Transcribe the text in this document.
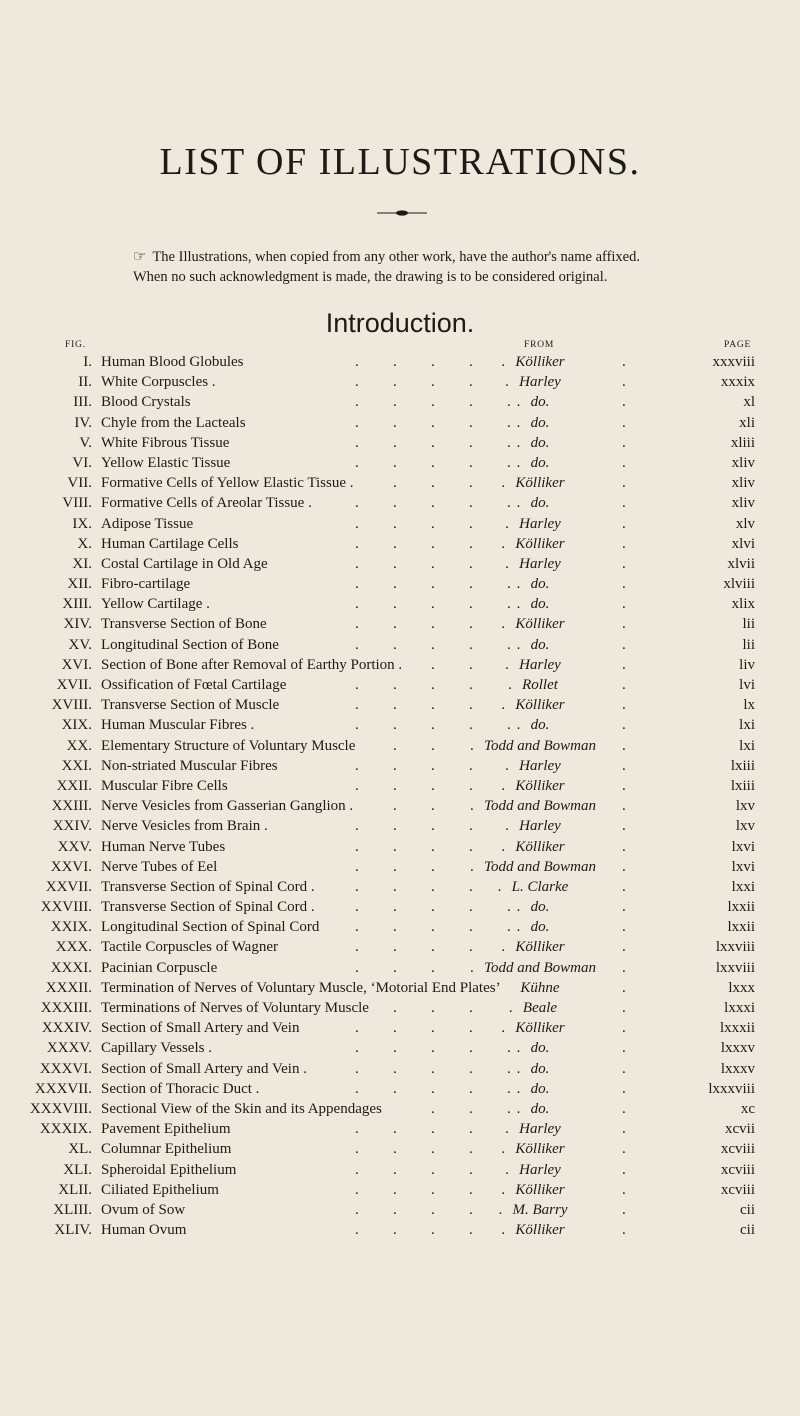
LIST OF ILLUSTRATIONS.
☞ The Illustrations, when copied from any other work, have the author's name affixed. When no such acknowledgment is made, the drawing is to be considered original.
Introduction.
FIG.	FROM	PAGE
I. Human Blood Globules	Kölliker	xxxviii
. . . . .	.
II. White Corpuscles .	Harley	xxxix
. . . . .	.
III. Blood Crystals	do.	xl
. . . . . .	.
IV. Chyle from the Lacteals	do.	xli
. . . . . .	.
V. White Fibrous Tissue	do.	xliii
. . . . . .	.
VI. Yellow Elastic Tissue	do.	xliv
. . . . . .	.
VII. Formative Cells of Yellow Elastic Tissue .	Kölliker	xliv
. . . .	.
VIII. Formative Cells of Areolar Tissue .	do.	xliv
. . . . . .	.
IX. Adipose Tissue	Harley	xlv
. . . . .	.
X. Human Cartilage Cells	Kölliker	xlvi
. . . . .	.
XI. Costal Cartilage in Old Age	Harley	xlvii
. . . . .	.
XII. Fibro-cartilage	do.	xlviii
. . . . . .	.
XIII. Yellow Cartilage .	do.	xlix
. . . . . .	.
XIV. Transverse Section of Bone	Kölliker	lii
. . . . .	.
XV. Longitudinal Section of Bone	do.	lii
. . . . . .	.
XVI. Section of Bone after Removal of Earthy Portion .	Harley	liv
. . .	.
XVII. Ossification of Fœtal Cartilage	Rollet	lvi
. . . . .	.
XVIII. Transverse Section of Muscle	Kölliker	lx
. . . . .	.
XIX. Human Muscular Fibres .	do.	lxi
. . . . . .	.
XX. Elementary Structure of Voluntary Muscle	Todd and Bowman	lxi
. . .	.
XXI. Non-striated Muscular Fibres	Harley	lxiii
. . . . .	.
XXII. Muscular Fibre Cells	Kölliker	lxiii
. . . . .	.
XXIII. Nerve Vesicles from Gasserian Ganglion .	Todd and Bowman	lxv
. . .	.
XXIV. Nerve Vesicles from Brain .	Harley	lxv
. . . . .	.
XXV. Human Nerve Tubes	Kölliker	lxvi
. . . . .	.
XXVI. Nerve Tubes of Eel	Todd and Bowman	lxvi
. . . .	.
XXVII. Transverse Section of Spinal Cord .	L. Clarke	lxxi
. . . . .	.
XXVIII. Transverse Section of Spinal Cord .	do.	lxxii
. . . . . .	.
XXIX. Longitudinal Section of Spinal Cord	do.	lxxii
. . . . . .	.
XXX. Tactile Corpuscles of Wagner	Kölliker	lxxviii
. . . . .	.
XXXI. Pacinian Corpuscle	Todd and Bowman	lxxviii
. . . .	.
XXXII. Termination of Nerves of Voluntary Muscle, ‘Motorial End Plates’ Kühne	lxxx
.
XXXIII. Terminations of Nerves of Voluntary Muscle	Beale	lxxxi
. . . .	.
XXXIV. Section of Small Artery and Vein	Kölliker	lxxxii
. . . . .	.
XXXV. Capillary Vessels .	do.	lxxxv
. . . . . .	.
XXXVI. Section of Small Artery and Vein .	do.	lxxxv
. . . . . .	.
XXXVII. Section of Thoracic Duct .	do.	lxxxviii
. . . . . .	.
XXXVIII. Sectional View of the Skin and its Appendages	do.	xc
. . . .	.
XXXIX. Pavement Epithelium	Harley	xcvii
. . . . .	.
XL. Columnar Epithelium	Kölliker	xcviii
. . . . .	.
XLI. Spheroidal Epithelium	Harley	xcviii
. . . . .	.
XLII. Ciliated Epithelium	Kölliker	xcviii
. . . . .	.
XLIII. Ovum of Sow	M. Barry	cii
. . . . .	.
XLIV. Human Ovum	Kölliker	cii
. . . . .	.
